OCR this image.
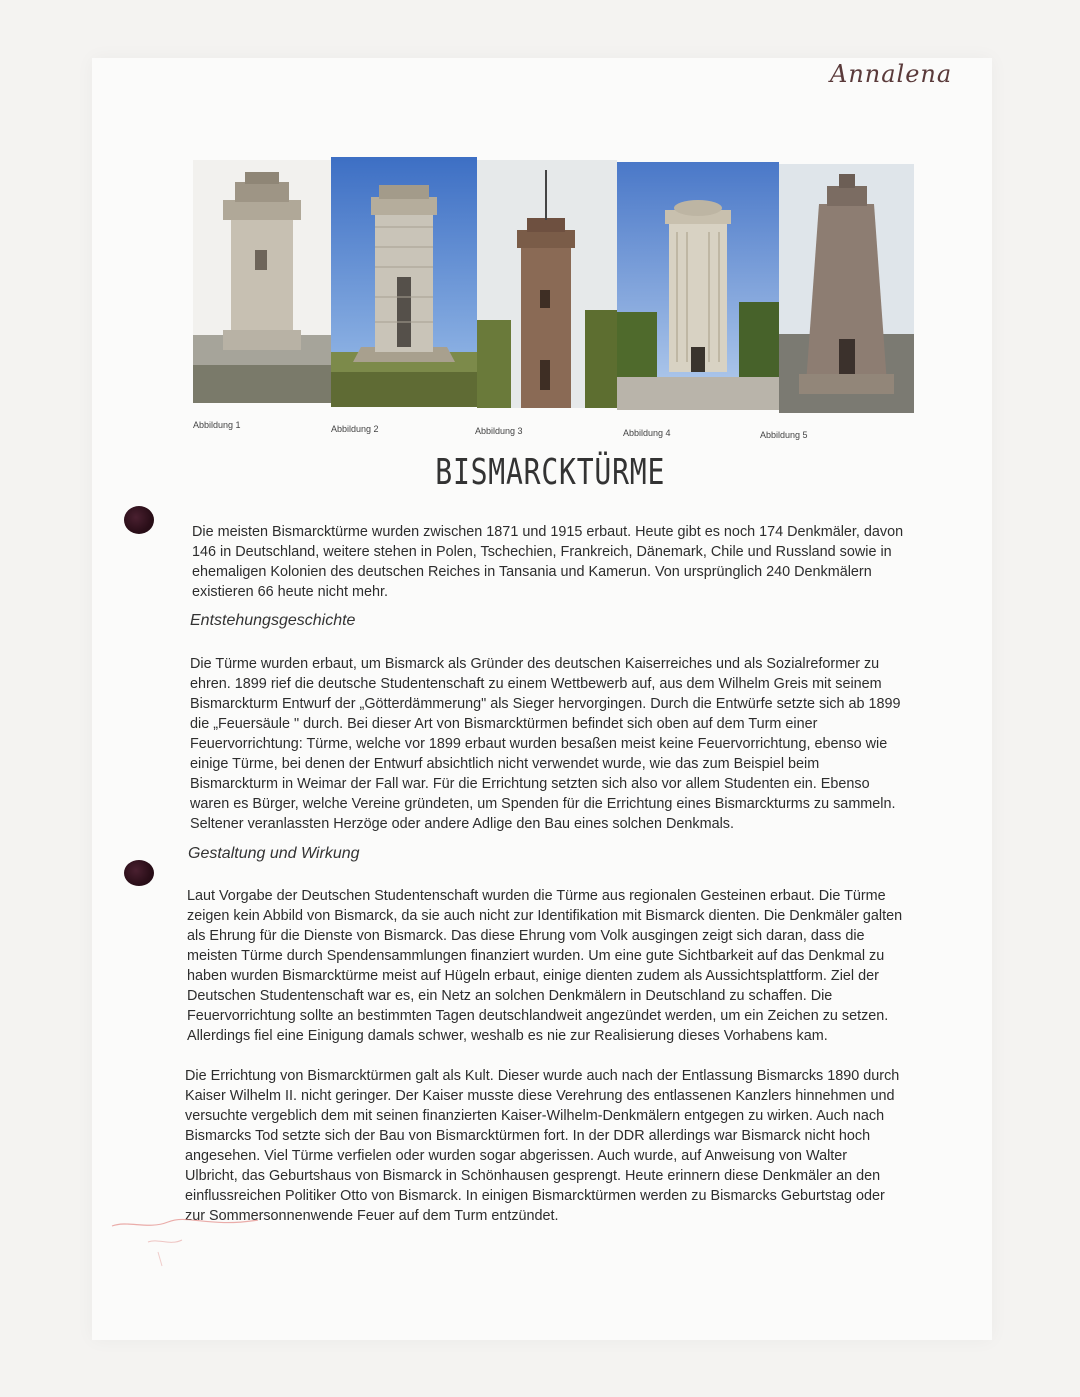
Annalena
Abbildung 1	Abbildung 2	Abbildung 3	Abbildung 4	Abbildung 5
BISMARCKTÜRME

Die meisten Bismarcktürme wurden zwischen 1871 und 1915 erbaut. Heute gibt es noch 174 Denkmäler, davon 146 in Deutschland, weitere stehen in Polen, Tschechien, Frankreich, Dänemark, Chile und Russland sowie in ehemaligen Kolonien des deutschen Reiches in Tansania und Kamerun. Von ursprünglich 240 Denkmälern existieren 66 heute nicht mehr.

Entstehungsgeschichte

Die Türme wurden erbaut, um Bismarck als Gründer des deutschen Kaiserreiches und als Sozialreformer zu ehren. 1899 rief die deutsche Studentenschaft zu einem Wettbewerb auf, aus dem Wilhelm Greis mit seinem Bismarckturm Entwurf der „Götterdämmerung" als Sieger hervorgingen. Durch die Entwürfe setzte sich ab 1899 die „Feuersäule " durch. Bei dieser Art von Bismarcktürmen befindet sich oben auf dem Turm einer Feuervorrichtung: Türme, welche vor 1899 erbaut wurden besaßen meist keine Feuervorrichtung, ebenso wie einige Türme, bei denen der Entwurf absichtlich nicht verwendet wurde, wie das zum Beispiel beim Bismarckturm in Weimar der Fall war. Für die Errichtung setzten sich also vor allem Studenten ein. Ebenso waren es Bürger, welche Vereine gründeten, um Spenden für die Errichtung eines Bismarckturms zu sammeln. Seltener veranlassten Herzöge oder andere Adlige den Bau eines solchen Denkmals.

Gestaltung und Wirkung

Laut Vorgabe der Deutschen Studentenschaft wurden die Türme aus regionalen Gesteinen erbaut. Die Türme zeigen kein Abbild von Bismarck, da sie auch nicht zur Identifikation mit Bismarck dienten. Die Denkmäler galten als Ehrung für die Dienste von Bismarck. Das diese Ehrung vom Volk ausgingen zeigt sich daran, dass die meisten Türme durch Spendensammlungen finanziert wurden. Um eine gute Sichtbarkeit auf das Denkmal zu haben wurden Bismarcktürme meist auf Hügeln erbaut, einige dienten zudem als Aussichtsplattform. Ziel der Deutschen Studentenschaft war es, ein Netz an solchen Denkmälern in Deutschland zu schaffen. Die Feuervorrichtung sollte an bestimmten Tagen deutschlandweit angezündet werden, um ein Zeichen zu setzen. Allerdings fiel eine Einigung damals schwer, weshalb es nie zur Realisierung dieses Vorhabens kam.

Die Errichtung von Bismarcktürmen galt als Kult. Dieser wurde auch nach der Entlassung Bismarcks 1890 durch Kaiser Wilhelm II. nicht geringer. Der Kaiser musste diese Verehrung des entlassenen Kanzlers hinnehmen und versuchte vergeblich dem mit seinen finanzierten Kaiser-Wilhelm-Denkmälern entgegen zu wirken. Auch nach Bismarcks Tod setzte sich der Bau von Bismarcktürmen fort. In der DDR allerdings war Bismarck nicht hoch angesehen. Viel Türme verfielen oder wurden sogar abgerissen. Auch wurde, auf Anweisung von Walter Ulbricht, das Geburtshaus von Bismarck in Schönhausen gesprengt. Heute erinnern diese Denkmäler an den einflussreichen Politiker Otto von Bismarck. In einigen Bismarcktürmen werden zu Bismarcks Geburtstag oder zur Sommersonnenwende Feuer auf dem Turm entzündet.
